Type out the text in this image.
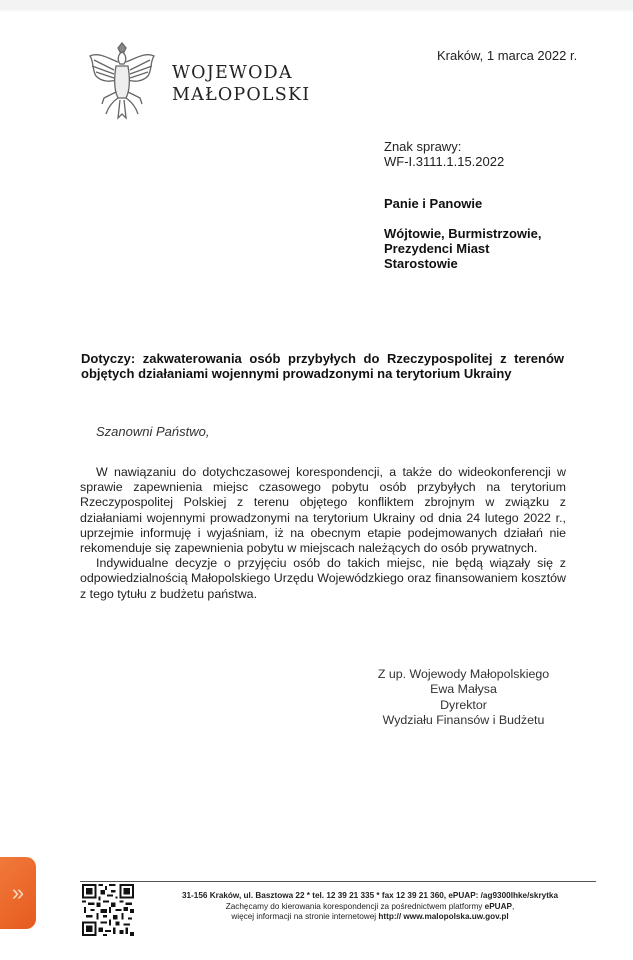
WOJEWODA
MAŁOPOLSKI
Kraków, 1 marca 2022 r.
Znak sprawy:
WF-I.3111.1.15.2022
Panie i Panowie
Wójtowie, Burmistrzowie,
Prezydenci Miast
Starostowie
Dotyczy: zakwaterowania osób przybyłych do Rzeczypospolitej z terenów objętych działaniami wojennymi prowadzonymi na terytorium Ukrainy
Szanowni Państwo,

W nawiązaniu do dotychczasowej korespondencji, a także do wideokonferencji w sprawie zapewnienia miejsc czasowego pobytu osób przybyłych na terytorium Rzeczypospolitej Polskiej z terenu objętego konfliktem zbrojnym w związku z działaniami wojennymi prowadzonymi na terytorium Ukrainy od dnia 24 lutego 2022 r., uprzejmie informuję i wyjaśniam, iż na obecnym etapie podejmowanych działań nie rekomenduje się zapewnienia pobytu w miejscach należących do osób prywatnych.

Indywidualne decyzje o przyjęciu osób do takich miejsc, nie będą wiązały się z odpowiedzialnością Małopolskiego Urzędu Wojewódzkiego oraz finansowaniem kosztów z tego tytułu z budżetu państwa.

Z up. Wojewody Małopolskiego
Ewa Małysa
Dyrektor
Wydziału Finansów i Budżetu
»	31-156 Kraków, ul. Basztowa 22 * tel. 12 39 21 335 * fax 12 39 21 360, ePUAP: /ag9300lhke/skrytka
Zachęcamy do kierowania korespondencji za pośrednictwem platformy ePUAP,
więcej informacji na stronie internetowej http:// www.malopolska.uw.gov.pl
